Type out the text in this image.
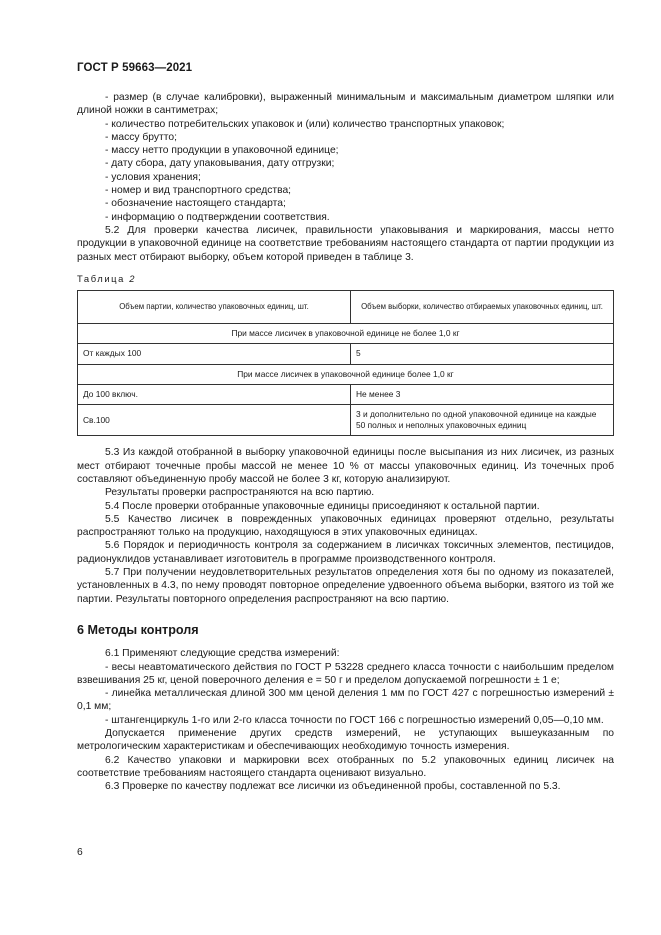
ГОСТ Р 59663—2021

- размер (в случае калибровки), выраженный минимальным и максимальным диаметром шляпки или длиной ножки в сантиметрах;

- количество потребительских упаковок и (или) количество транспортных упаковок;

- массу брутто;

- массу нетто продукции в упаковочной единице;

- дату сбора, дату упаковывания, дату отгрузки;

- условия хранения;

- номер и вид транспортного средства;

- обозначение настоящего стандарта;

- информацию о подтверждении соответствия.

5.2 Для проверки качества лисичек, правильности упаковывания и маркирования, массы нетто продукции в упаковочной единице на соответствие требованиям настоящего стандарта от партии продукции из разных мест отбирают выборку, объем которой приведен в таблице 3.

Таблица 2
Объем партии, количество упаковочных единиц, шт.	Объем выборки, количество отбираемых упаковочных единиц, шт.
При массе лисичек в упаковочной единице не более 1,0 кг	
От каждых 100	5
При массе лисичек в упаковочной единице более 1,0 кг	
До 100 включ.	Не менее 3
Св.100	3 и дополнительно по одной упаковочной единице на каждые 50 полных и неполных упаковочных единиц

5.3 Из каждой отобранной в выборку упаковочной единицы после высыпания из них лисичек, из разных мест отбирают точечные пробы массой не менее 10 % от массы упаковочных единиц. Из точечных проб составляют объединенную пробу массой не более 3 кг, которую анализируют.

Результаты проверки распространяются на всю партию.

5.4 После проверки отобранные упаковочные единицы присоединяют к остальной партии.

5.5 Качество лисичек в поврежденных упаковочных единицах проверяют отдельно, результаты распространяют только на продукцию, находящуюся в этих упаковочных единицах.

5.6 Порядок и периодичность контроля за содержанием в лисичках токсичных элементов, пестицидов, радионуклидов устанавливает изготовитель в программе производственного контроля.

5.7 При получении неудовлетворительных результатов определения хотя бы по одному из показателей, установленных в 4.3, по нему проводят повторное определение удвоенного объема выборки, взятого из той же партии. Результаты повторного определения распространяют на всю партию.

6 Методы контроля

6.1 Применяют следующие средства измерений:

- весы неавтоматического действия по ГОСТ Р 53228 среднего класса точности с наибольшим пределом взвешивания 25 кг, ценой поверочного деления е = 50 г и пределом допускаемой погрешности ± 1 е;

- линейка металлическая длиной 300 мм ценой деления 1 мм по ГОСТ 427 с погрешностью измерений ± 0,1 мм;

- штангенциркуль 1-го или 2-го класса точности по ГОСТ 166 с погрешностью измерений 0,05—0,10 мм.

Допускается применение других средств измерений, не уступающих вышеуказанным по метрологическим характеристикам и обеспечивающих необходимую точность измерения.

6.2 Качество упаковки и маркировки всех отобранных по 5.2 упаковочных единиц лисичек на соответствие требованиям настоящего стандарта оценивают визуально.

6.3 Проверке по качеству подлежат все лисички из объединенной пробы, составленной по 5.3.

6
